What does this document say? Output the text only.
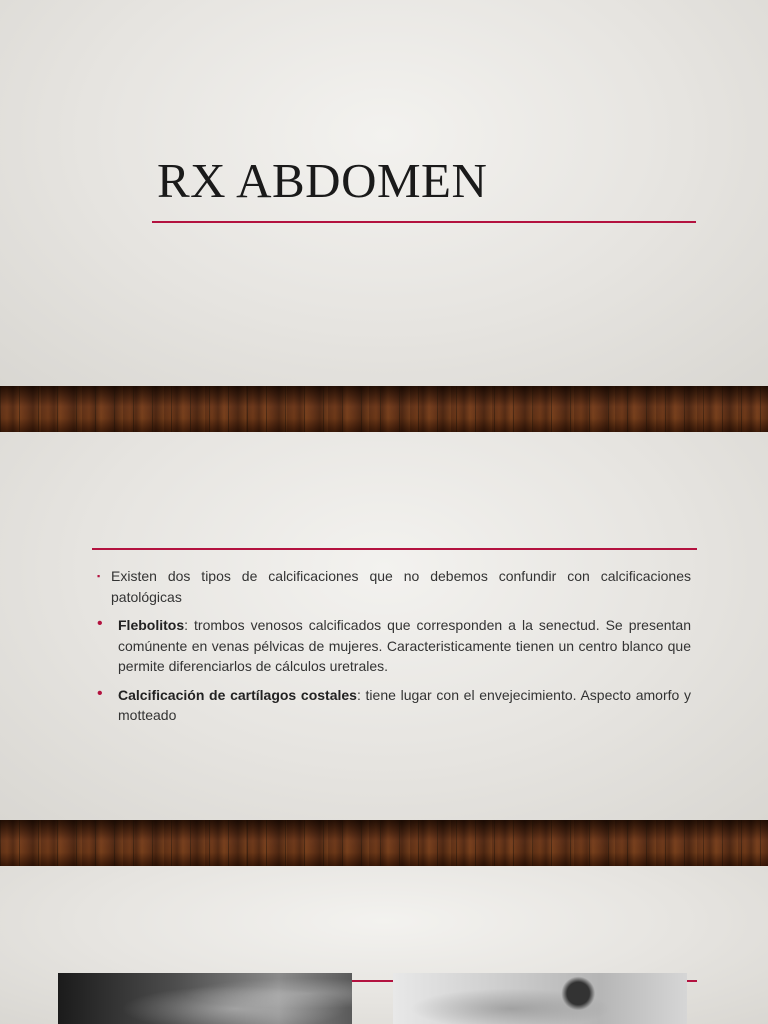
RX ABDOMEN
▪ Existen dos tipos de calcificaciones que no debemos confundir con calcificaciones patológicas
• Flebolitos: trombos venosos calcificados que corresponden a la senectud. Se presentan comúnente en venas pélvicas de mujeres. Caracteristicamente tienen un centro blanco que permite diferenciarlos de cálculos uretrales.
• Calcificación de cartílagos costales: tiene lugar con el envejecimiento. Aspecto amorfo y motteado
